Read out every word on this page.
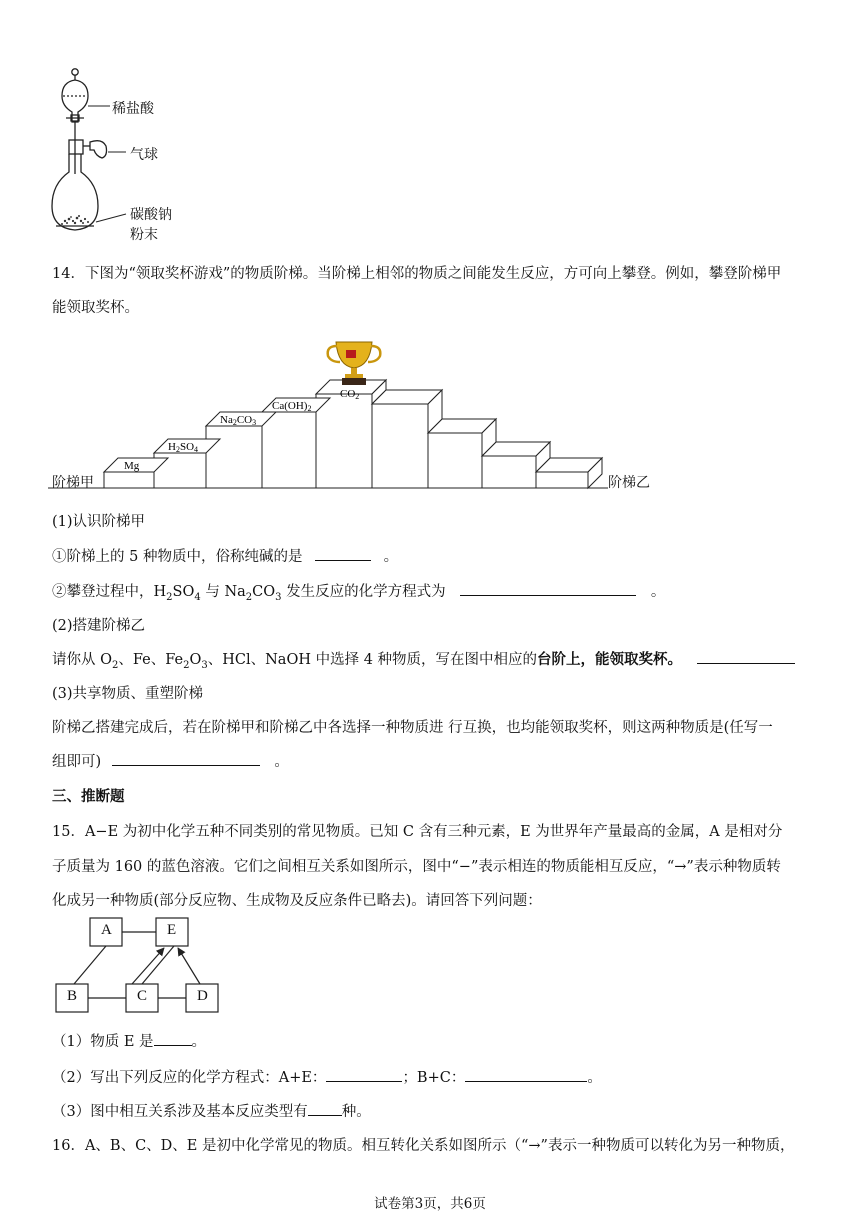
稀盐酸
气球
碳酸钠
粉末
14．下图为“领取奖杯游戏”的物质阶梯。当阶梯上相邻的物质之间能发生反应，方可向上攀登。例如，攀登阶梯甲
能领取奖杯。
Mg
H2SO4
Na2CO3
Ca(OH)2
CO2
阶梯甲	阶梯乙
(1)认识阶梯甲
①阶梯上的 5 种物质中，俗称纯碱的是	。
②攀登过程中，$H_2SO_4$ 与 $Na_2CO_3$ 发生反应的化学方程式为	。
(2)搭建阶梯乙
请你从 $O_2$、Fe、$Fe_2O_3$、HCl、NaOH 中选择 4 种物质，写在图中相应的台阶上，能领取奖杯。
(3)共享物质、重塑阶梯
阶梯乙搭建完成后，若在阶梯甲和阶梯乙中各选择一种物质进 行互换，也均能领取奖杯，则这两种物质是(任写一
组即可)	。
三、推断题
15．A−E 为初中化学五种不同类别的常见物质。已知 C 含有三种元素，E 为世界年产量最高的金属，A 是相对分
子质量为 160 的蓝色溶液。它们之间相互关系如图所示，图中“−”表示相连的物质能相互反应，“→”表示种物质转
化成另一种物质(部分反应物、生成物及反应条件已略去)。请回答下列问题：
A	E
B	C	D
（1）物质 E 是	。
（2）写出下列反应的化学方程式：A+E：	；B+C：	。
（3）图中相互关系涉及基本反应类型有 种。
16．A、B、C、D、E 是初中化学常见的物质。相互转化关系如图所示（“→”表示一种物质可以转化为另一种物质，
试卷第3页，共6页
